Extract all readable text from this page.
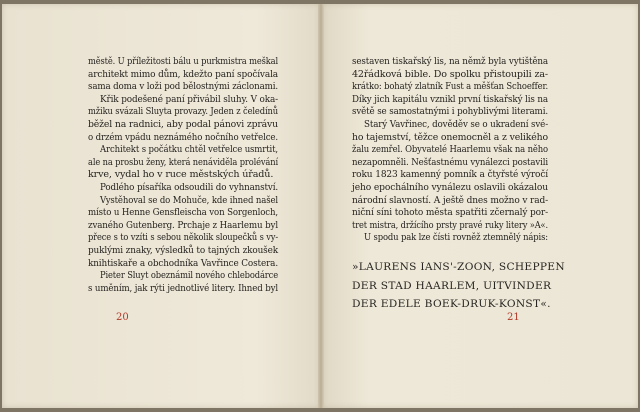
městě. U příležitosti bálu u purkmistra meškal
architekt mimo dům, kdežto paní spočívala
sama doma v loži pod bělostnými záclonami.
Křik podešené paní přivábil sluhy. V oka-
mžiku svázali Sluyta provazy. Jeden z čeledínů
běžel na radnici, aby podal pánovi zprávu
o drzém vpádu neznámého nočního vetřelce.
Architekt s počátku chtěl vetřelce usmrtit,
ale na prosbu ženy, která nenáviděla prolévání
krve, vydal ho v ruce městských úřadů.
Podlého písaříka odsoudili do vyhnanství.
Vystěhoval se do Mohuče, kde ihned našel
místo u Henne Gensfleischa von Sorgenloch,
zvaného Gutenberg. Prchaje z Haarlemu byl
přece s to vzíti s sebou několik sloupečků s vy-
puklými znaky, výsledků to tajných zkoušek
knihtiskaře a obchodníka Vavřince Costera.
Pieter Sluyt obeznámil nového chlebodárce
s uměním, jak rýti jednotlivé litery. Ihned byl
sestaven tiskařský lis, na němž byla vytištěna
42řádková bible. Do spolku přistoupili za-
krátko: bohatý zlatník Fust a měšťan Schoeffer.
Díky jich kapitálu vznikl první tiskařský lis na
světě se samostatnými i pohyblivými literami.
Starý Vavřinec, dověděv se o ukradení své-
ho tajemství, těžce onemocněl a z velikého
žalu zemřel. Obyvatelé Haarlemu však na něho
nezapomněli. Nešťastnému vynálezci postavili
roku 1823 kamenný pomník a čtyřsté výročí
jeho epochálního vynálezu oslavili okázalou
národní slavností. A ještě dnes možno v rad-
niční síni tohoto města spatřiti zčernalý por-
tret mistra, držícího prsty pravé ruky litery »A«.
U spodu pak lze čísti rovněž ztemnělý nápis:
»LAURENS IANS'-ZOON, SCHEPPEN
DER STAD HAARLEM, UITVINDER
DER EDELE BOEK-DRUK-KONST«.
20	21
